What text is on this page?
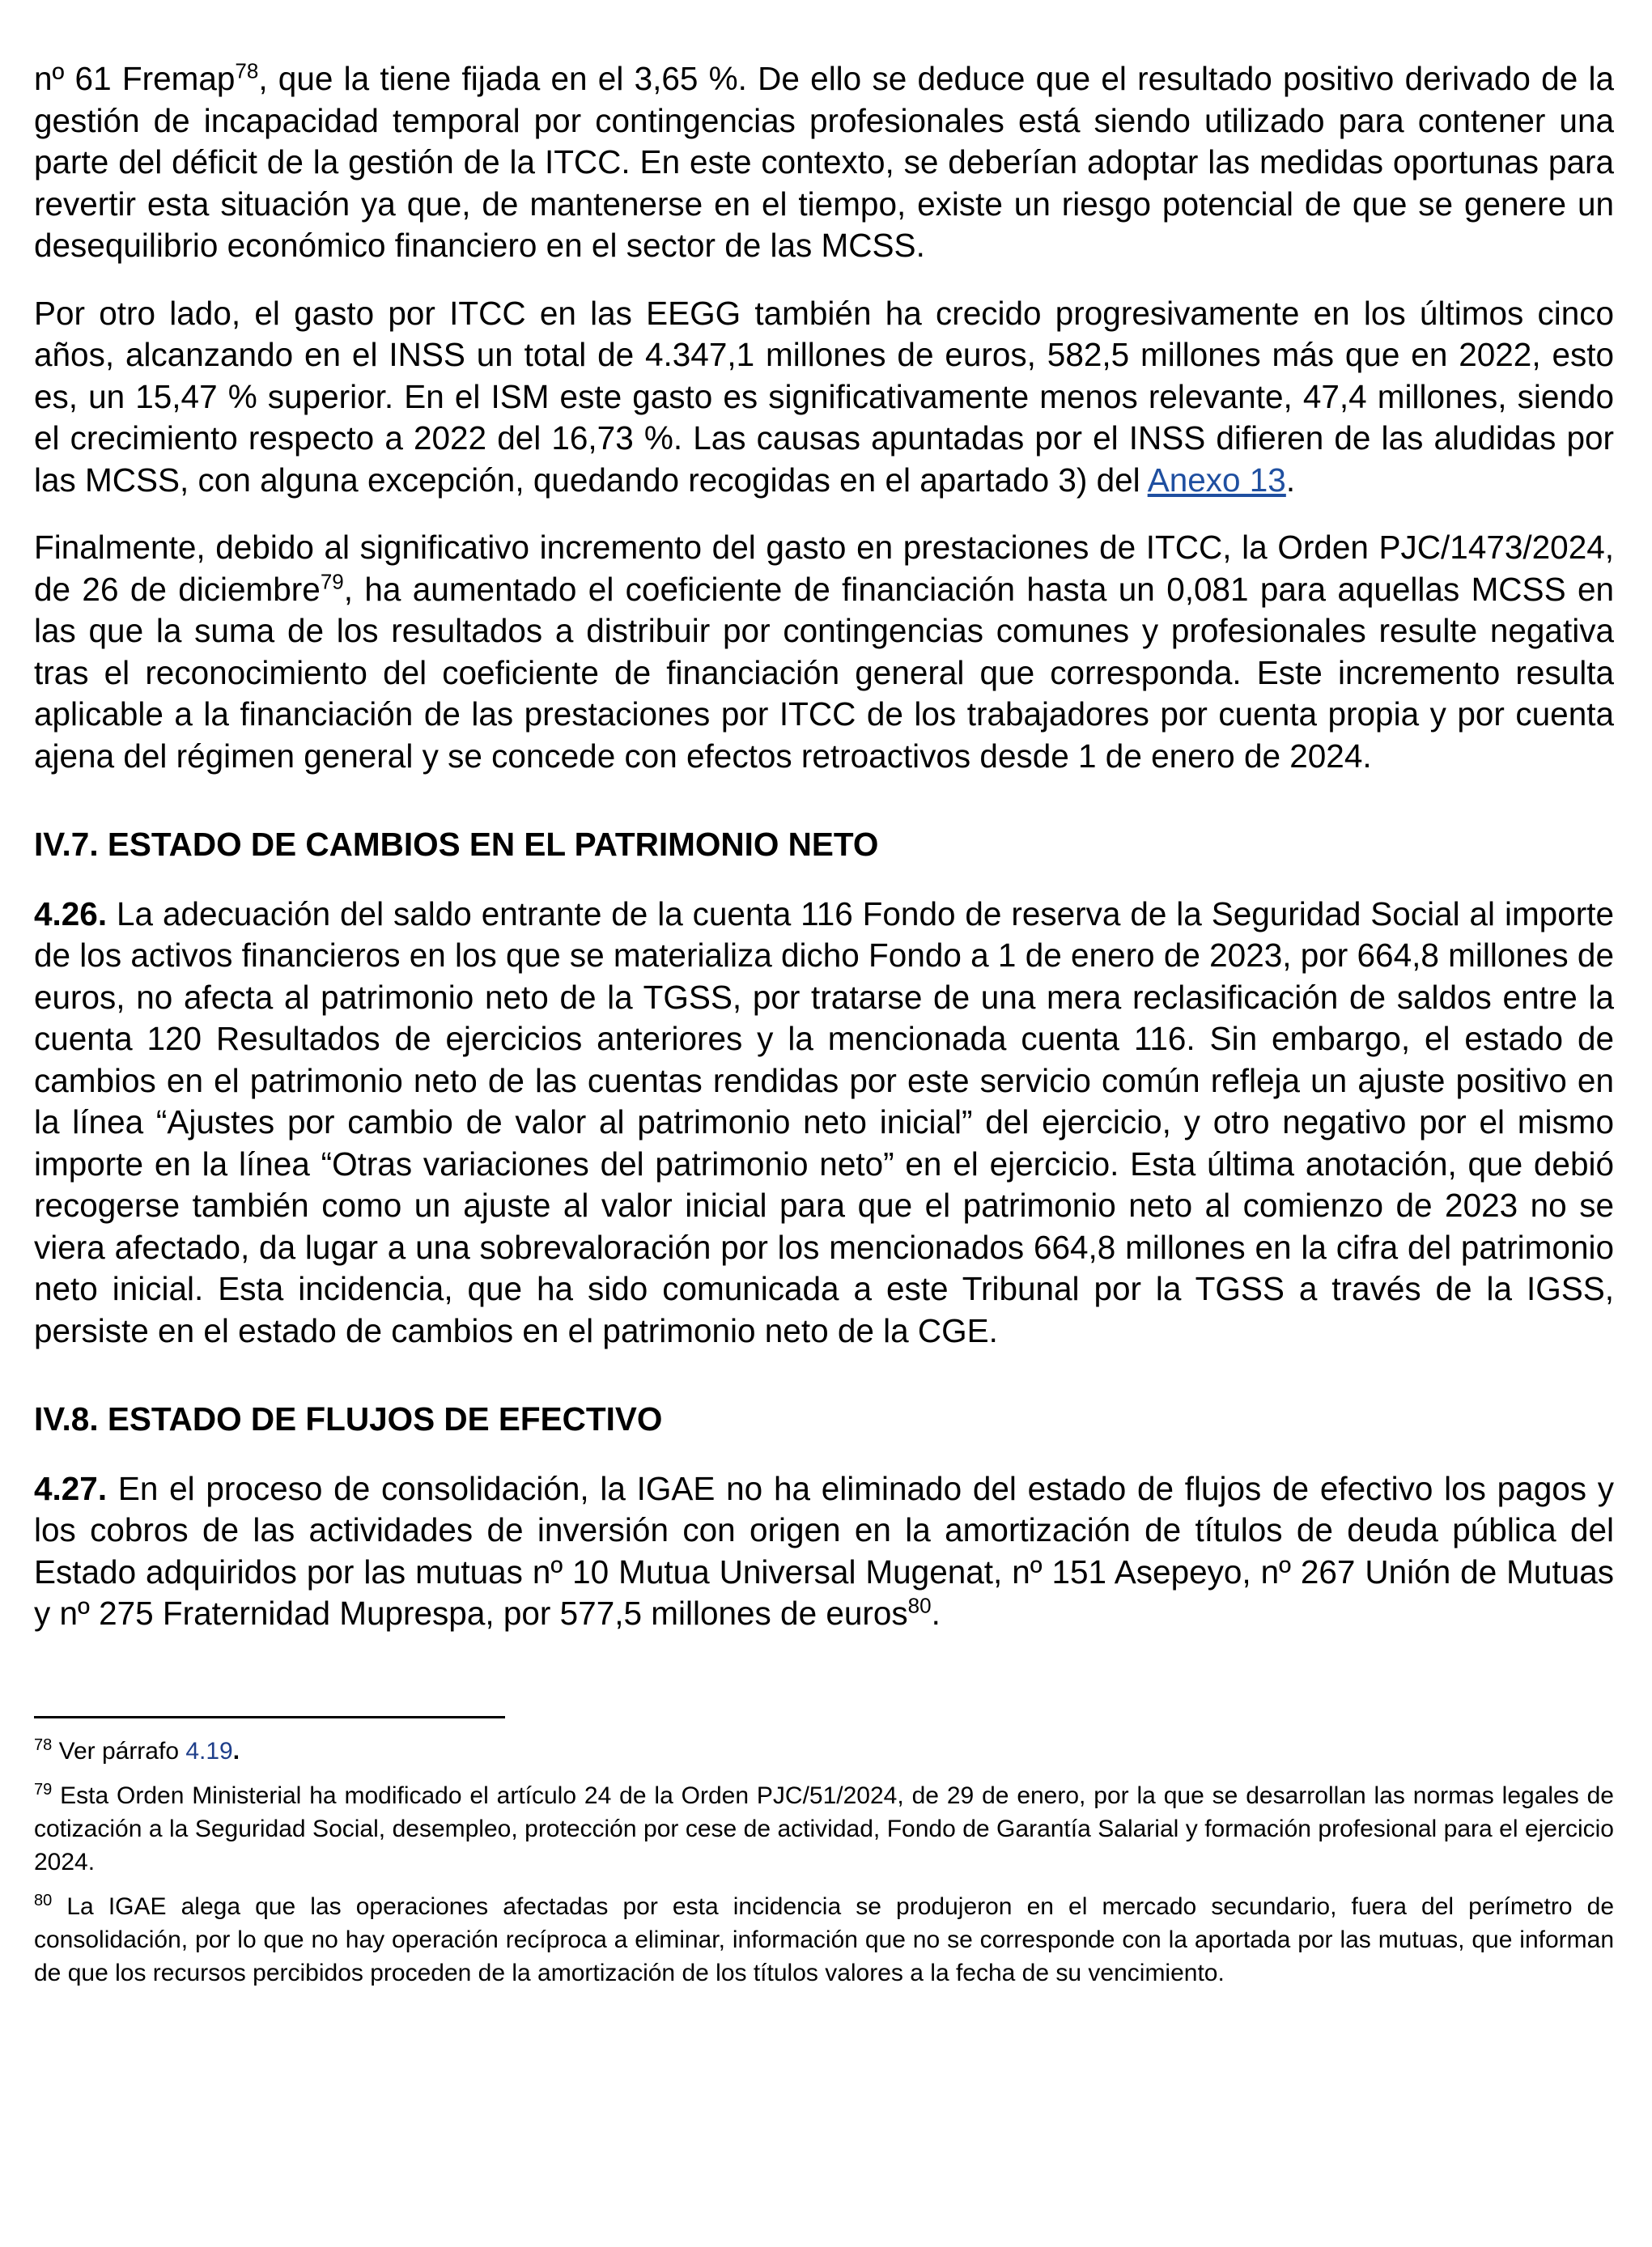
nº 61 Fremap$^{78}$, que la tiene fijada en el 3,65 %. De ello se deduce que el resultado positivo derivado de la gestión de incapacidad temporal por contingencias profesionales está siendo utilizado para contener una parte del déficit de la gestión de la ITCC. En este contexto, se deberían adoptar las medidas oportunas para revertir esta situación ya que, de mantenerse en el tiempo, existe un riesgo potencial de que se genere un desequilibrio económico financiero en el sector de las MCSS.

Por otro lado, el gasto por ITCC en las EEGG también ha crecido progresivamente en los últimos cinco años, alcanzando en el INSS un total de 4.347,1 millones de euros, 582,5 millones más que en 2022, esto es, un 15,47 % superior. En el ISM este gasto es significativamente menos relevante, 47,4 millones, siendo el crecimiento respecto a 2022 del 16,73 %. Las causas apuntadas por el INSS difieren de las aludidas por las MCSS, con alguna excepción, quedando recogidas en el apartado 3) del Anexo 13.

Finalmente, debido al significativo incremento del gasto en prestaciones de ITCC, la Orden PJC/1473/2024, de 26 de diciembre$^{79}$, ha aumentado el coeficiente de financiación hasta un 0,081 para aquellas MCSS en las que la suma de los resultados a distribuir por contingencias comunes y profesionales resulte negativa tras el reconocimiento del coeficiente de financiación general que corresponda. Este incremento resulta aplicable a la financiación de las prestaciones por ITCC de los trabajadores por cuenta propia y por cuenta ajena del régimen general y se concede con efectos retroactivos desde 1 de enero de 2024.

IV.7. ESTADO DE CAMBIOS EN EL PATRIMONIO NETO

4.26. La adecuación del saldo entrante de la cuenta 116 Fondo de reserva de la Seguridad Social al importe de los activos financieros en los que se materializa dicho Fondo a 1 de enero de 2023, por 664,8 millones de euros, no afecta al patrimonio neto de la TGSS, por tratarse de una mera reclasificación de saldos entre la cuenta 120 Resultados de ejercicios anteriores y la mencionada cuenta 116. Sin embargo, el estado de cambios en el patrimonio neto de las cuentas rendidas por este servicio común refleja un ajuste positivo en la línea “Ajustes por cambio de valor al patrimonio neto inicial” del ejercicio, y otro negativo por el mismo importe en la línea “Otras variaciones del patrimonio neto” en el ejercicio. Esta última anotación, que debió recogerse también como un ajuste al valor inicial para que el patrimonio neto al comienzo de 2023 no se viera afectado, da lugar a una sobrevaloración por los mencionados 664,8 millones en la cifra del patrimonio neto inicial. Esta incidencia, que ha sido comunicada a este Tribunal por la TGSS a través de la IGSS, persiste en el estado de cambios en el patrimonio neto de la CGE.

IV.8. ESTADO DE FLUJOS DE EFECTIVO

4.27. En el proceso de consolidación, la IGAE no ha eliminado del estado de flujos de efectivo los pagos y los cobros de las actividades de inversión con origen en la amortización de títulos de deuda pública del Estado adquiridos por las mutuas nº 10 Mutua Universal Mugenat, nº 151 Asepeyo, nº 267 Unión de Mutuas y nº 275 Fraternidad Muprespa, por 577,5 millones de euros$^{80}$.

$^{78}$ Ver párrafo 4.19.

$^{79}$ Esta Orden Ministerial ha modificado el artículo 24 de la Orden PJC/51/2024, de 29 de enero, por la que se desarrollan las normas legales de cotización a la Seguridad Social, desempleo, protección por cese de actividad, Fondo de Garantía Salarial y formación profesional para el ejercicio 2024.

$^{80}$ La IGAE alega que las operaciones afectadas por esta incidencia se produjeron en el mercado secundario, fuera del perímetro de consolidación, por lo que no hay operación recíproca a eliminar, información que no se corresponde con la aportada por las mutuas, que informan de que los recursos percibidos proceden de la amortización de los títulos valores a la fecha de su vencimiento.
